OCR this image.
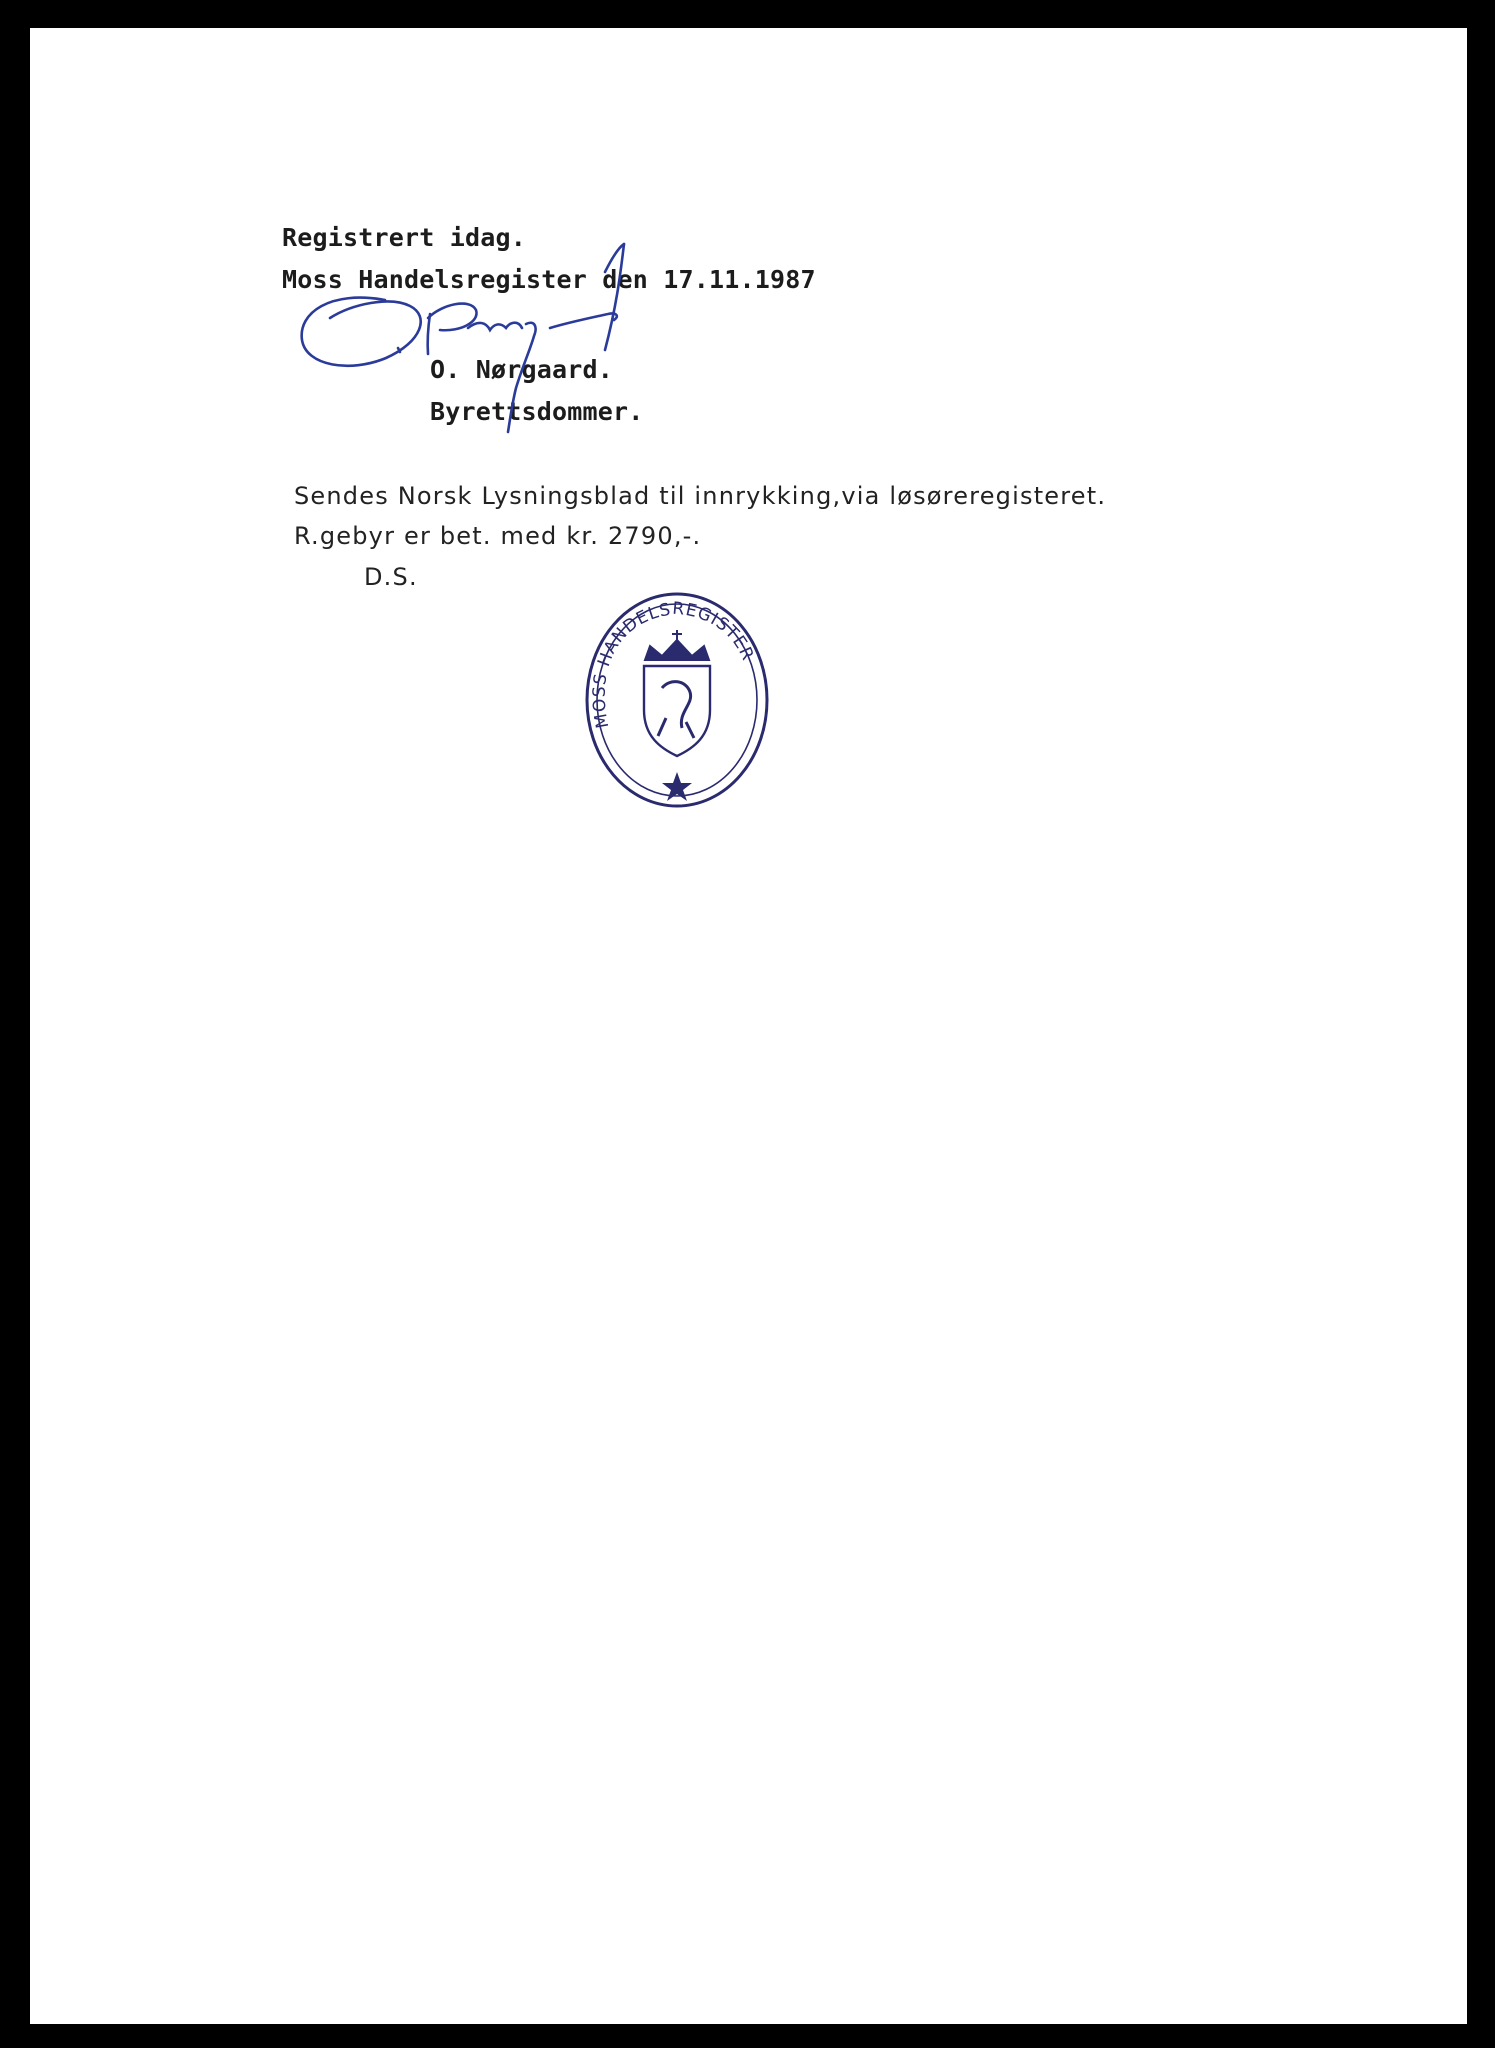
Registrert idag.
Moss Handelsregister den 17.11.1987
O. Nørgaard.
Byrettsdommer.
Sendes Norsk Lysningsblad til innrykking,via løsøreregisteret.
R.gebyr er bet. med kr. 2790,-.
D.S.
MOSS HANDELSREGISTER
